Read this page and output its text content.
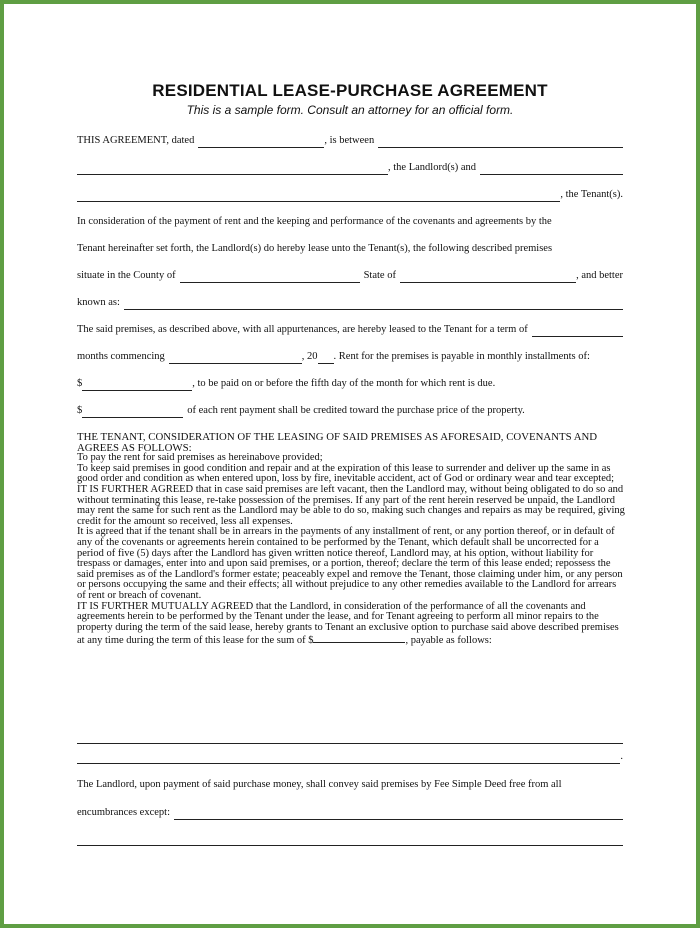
RESIDENTIAL LEASE-PURCHASE AGREEMENT
This is a sample form. Consult an attorney for an official form.
THIS AGREEMENT, dated	, is between
, the Landlord(s) and
, the Tenant(s).
In consideration of the payment of rent and the keeping and performance of the covenants and agreements by the
Tenant hereinafter set forth, the Landlord(s) do hereby lease unto the Tenant(s), the following described premises
situate in the County of	State of	, and better
known as:
The said premises, as described above, with all appurtenances, are hereby leased to the Tenant for a term of
months commencing	, 20 . Rent for the premises is payable in monthly installments of:
$	, to be paid on or before the fifth day of the month for which rent is due.
$	of each rent payment shall be credited toward the purchase price of the property.

THE TENANT, CONSIDERATION OF THE LEASING OF SAID PREMISES AS AFORESAID, COVENANTS AND AGREES AS FOLLOWS:

To pay the rent for said premises as hereinabove provided;

To keep said premises in good condition and repair and at the expiration of this lease to surrender and deliver up the same in as good order and condition as when entered upon, loss by fire, inevitable accident, act of God or ordinary wear and tear excepted;

IT IS FURTHER AGREED that in case said premises are left vacant, then the Landlord may, without being obligated to do so and without terminating this lease, re-take possession of the premises. If any part of the rent herein reserved be unpaid, the Landlord may rent the same for such rent as the Landlord may be able to do so, making such changes and repairs as may be required, giving credit for the amount so received, less all expenses.

It is agreed that if the tenant shall be in arrears in the payments of any installment of rent, or any portion thereof, or in default of any of the covenants or agreements herein contained to be performed by the Tenant, which default shall be uncorrected for a period of five (5) days after the Landlord has given written notice thereof, Landlord may, at his option, without liability for trespass or damages, enter into and upon said premises, or a portion, thereof; declare the term of this lease ended; repossess the said premises as of the Landlord's former estate; peaceably expel and remove the Tenant, those claiming under him, or any person or persons occupying the same and their effects; all without prejudice to any other remedies available to the Landlord for arrears of rent or breach of covenant.

IT IS FURTHER MUTUALLY AGREED that the Landlord, in consideration of the performance of all the covenants and agreements herein to be performed by the Tenant under the lease, and for Tenant agreeing to perform all minor repairs to the property during the term of the said lease, hereby grants to Tenant an exclusive option to purchase said above described premises at any time during the term of this lease for the sum of $	, payable as follows:

.
The Landlord, upon payment of said purchase money, shall convey said premises by Fee Simple Deed free from all
encumbrances except:
